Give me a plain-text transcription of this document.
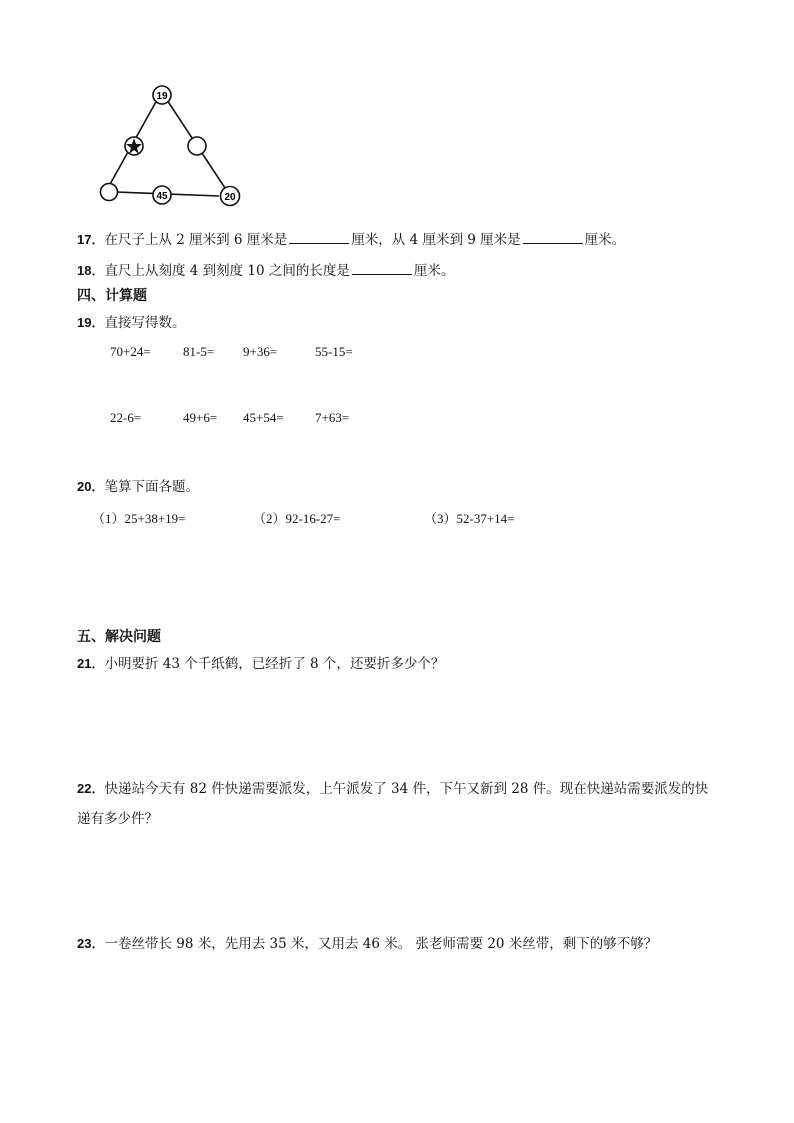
19
45	20
17．在尺子上从 2 厘米到 6 厘米是	厘米，从 4 厘米到 9 厘米是	厘米。
18．直尺上从刻度 4 到刻度 10 之间的长度是	厘米。
四、计算题
19．直接写得数。
70+24= 81-5= 9+36=	55-15=
22-6=	49+6= 45+54= 7+63=
20．笔算下面各题。
（1）25+38+19=	（2）92-16-27=	（3）52-37+14=
五、解决问题
21．小明要折 43 个千纸鹤，已经折了 8 个，还要折多少个？
22．快递站今天有 82 件快递需要派发，上午派发了 34 件，下午又新到 28 件。现在快递站需要派发的快
递有多少件？
23．一卷丝带长 98 米，先用去 35 米，又用去 46 米。 张老师需要 20 米丝带，剩下的够不够？
